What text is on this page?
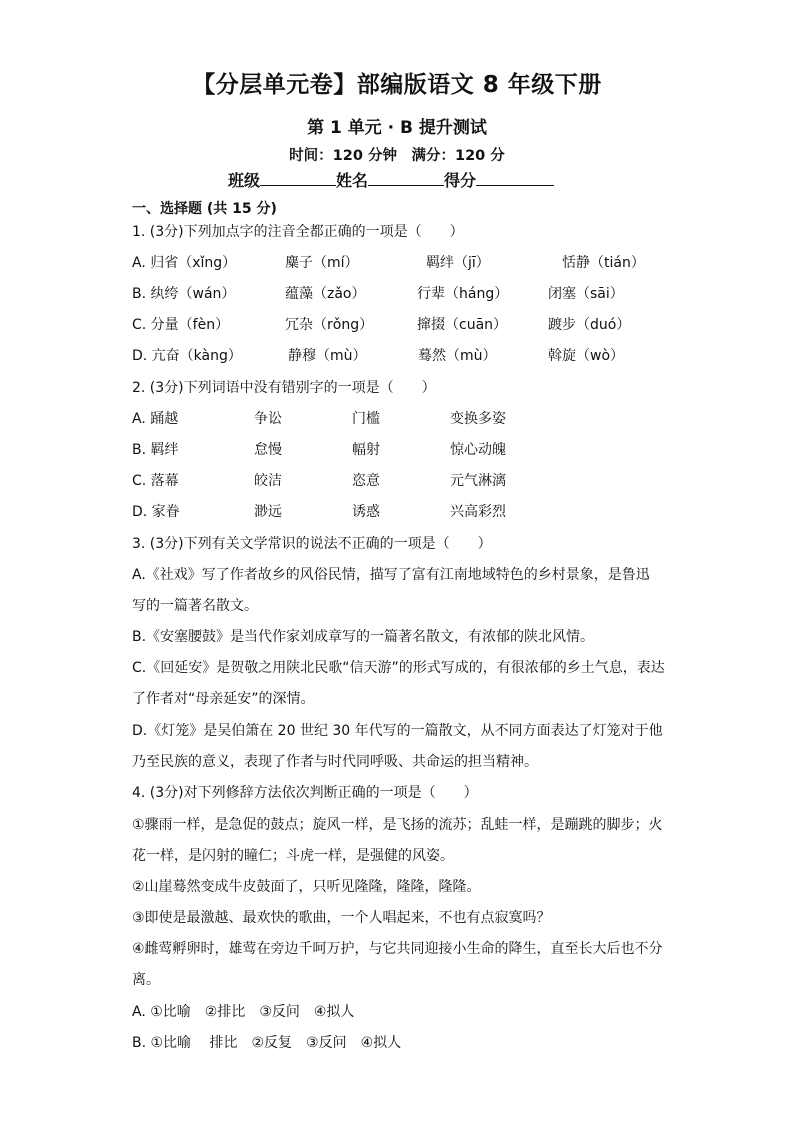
【分层单元卷】部编版语文 8 年级下册
第 1 单元 · B 提升测试
时间：120 分钟　满分：120 分
班级	姓名	得分
一、选择题 (共 15 分)
1. (3分)下列加点字的注音全都正确的一项是（　　）
A. 归省（xǐng）	麋子（mí）	羁绊（jī）	恬静（tián）
B. 纨绔（wán）	蕴藻（zǎo）	行辈（háng）	闭塞（sāi）
C. 分量（fèn）	冗杂（rǒng）	撺掇（cuān）	踱步（duó）
D. 亢奋（kàng）	静穆（mù）	蓦然（mù）	斡旋（wò）
2. (3分)下列词语中没有错别字的一项是（　　）
A. 踊越	争讼	门槛	变换多姿
B. 羁绊	怠慢	幅射	惊心动魄
C. 落幕	皎洁	恣意	元气淋漓
D. 家眷	渺远	诱惑	兴高彩烈
3. (3分)下列有关文学常识的说法不正确的一项是（　　）
A.《社戏》写了作者故乡的风俗民情，描写了富有江南地域特色的乡村景象，是鲁迅
写的一篇著名散文。
B.《安塞腰鼓》是当代作家刘成章写的一篇著名散文，有浓郁的陕北风情。
C.《回延安》是贺敬之用陕北民歌“信天游”的形式写成的，有很浓郁的乡土气息，表达
了作者对“母亲延安”的深情。
D.《灯笼》是吴伯箫在 20 世纪 30 年代写的一篇散文，从不同方面表达了灯笼对于他
乃至民族的意义，表现了作者与时代同呼吸、共命运的担当精神。
4. (3分)对下列修辞方法依次判断正确的一项是（　　）
①骤雨一样，是急促的鼓点；旋风一样，是飞扬的流苏；乱蛙一样，是蹦跳的脚步；火
花一样，是闪射的瞳仁；斗虎一样，是强健的风姿。
②山崖蓦然变成牛皮鼓面了，只听见隆隆，隆隆，隆隆。
③即使是最激越、最欢快的歌曲，一个人唱起来，不也有点寂寞吗？
④雌莺孵卵时，雄莺在旁边千呵万护，与它共同迎接小生命的降生，直至长大后也不分
离。
A. ①比喻　②排比　③反问　④拟人
B. ①比喻　 排比　②反复　③反问　④拟人
